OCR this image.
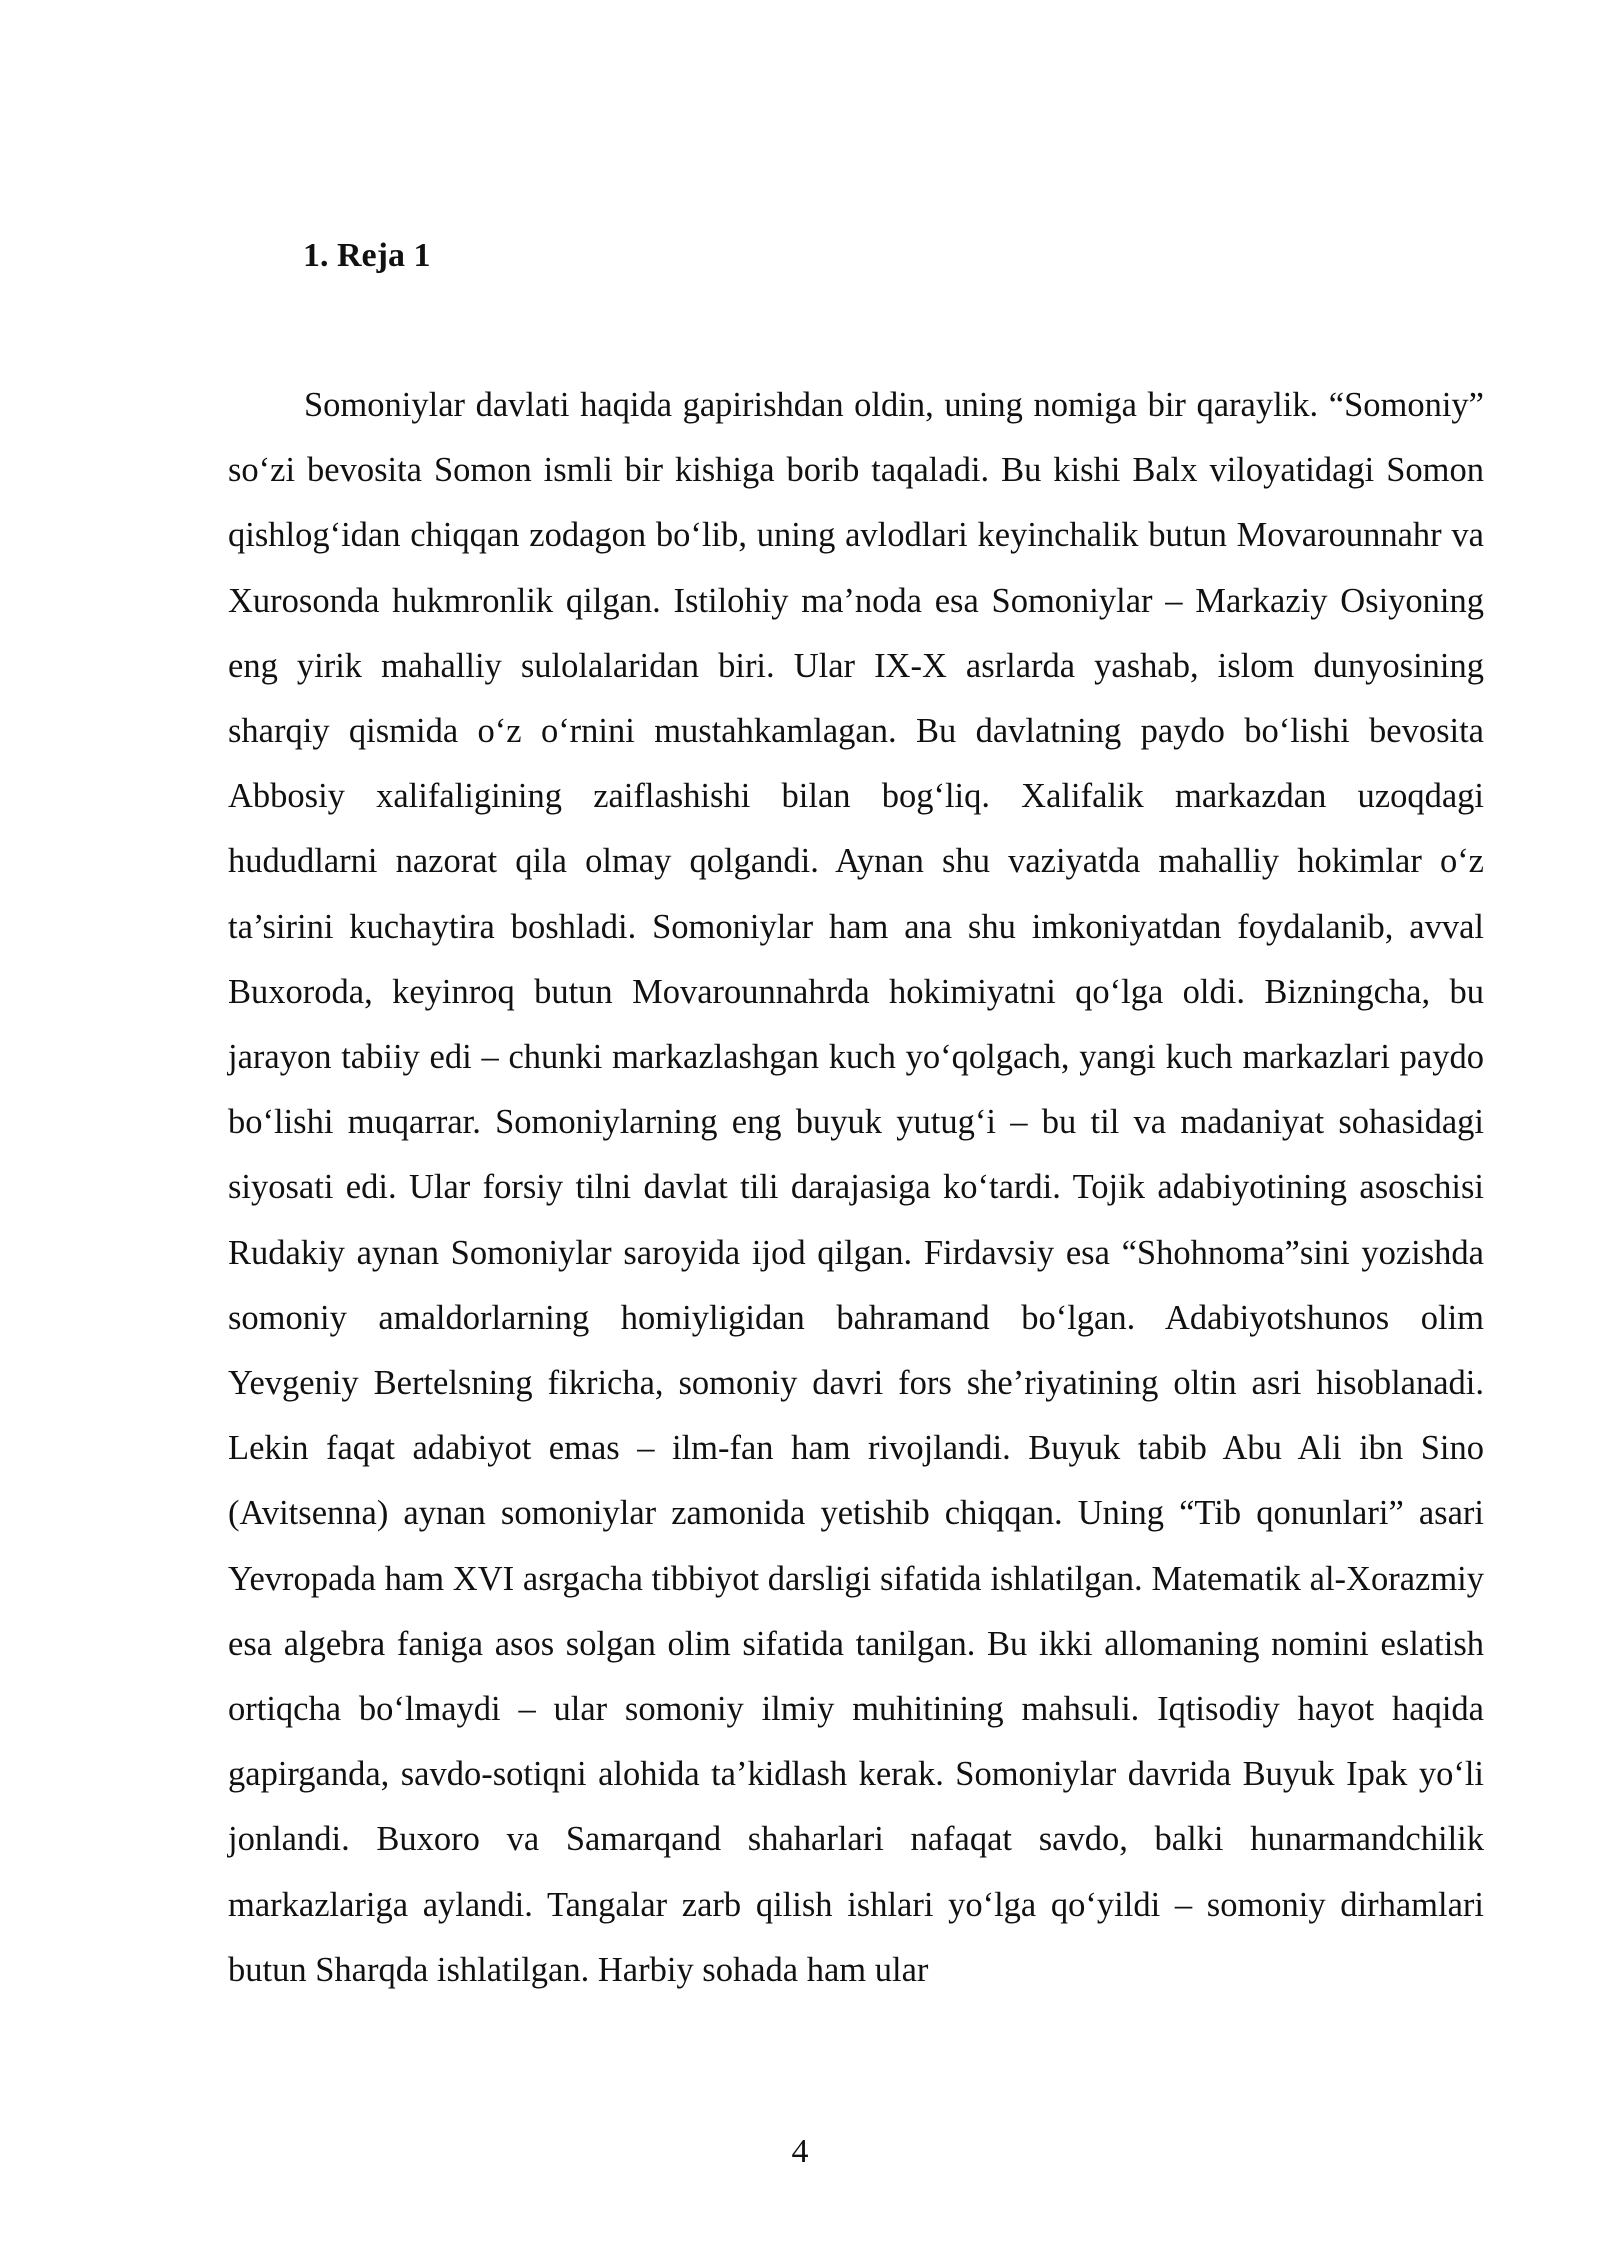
1. Reja 1

Somoniylar davlati haqida gapirishdan oldin, uning nomiga bir qaraylik. “Somoniy” so‘zi bevosita Somon ismli bir kishiga borib taqaladi. Bu kishi Balx viloyatidagi Somon qishlog‘idan chiqqan zodagon bo‘lib, uning avlodlari keyinchalik butun Movarounnahr va Xurosonda hukmronlik qilgan. Istilohiy ma’noda esa Somoniylar – Markaziy Osiyoning eng yirik mahalliy sulolalaridan biri. Ular IX-X asrlarda yashab, islom dunyosining sharqiy qismida o‘z o‘rnini mustahkamlagan. Bu davlatning paydo bo‘lishi bevosita Abbosiy xalifaligining zaiflashishi bilan bog‘liq. Xalifalik markazdan uzoqdagi hududlarni nazorat qila olmay qolgandi. Aynan shu vaziyatda mahalliy hokimlar o‘z ta’sirini kuchaytira boshladi. Somoniylar ham ana shu imkoniyatdan foydalanib, avval Buxoroda, keyinroq butun Movarounnahrda hokimiyatni qo‘lga oldi. Bizningcha, bu jarayon tabiiy edi – chunki markazlashgan kuch yo‘qolgach, yangi kuch markazlari paydo bo‘lishi muqarrar. Somoniylarning eng buyuk yutug‘i – bu til va madaniyat sohasidagi siyosati edi. Ular forsiy tilni davlat tili darajasiga ko‘tardi. Tojik adabiyotining asoschisi Rudakiy aynan Somoniylar saroyida ijod qilgan. Firdavsiy esa “Shohnoma”sini yozishda somoniy amaldorlarning homiyligidan bahramand bo‘lgan. Adabiyotshunos olim Yevgeniy Bertelsning fikricha, somoniy davri fors she’riyatining oltin asri hisoblanadi. Lekin faqat adabiyot emas – ilm-fan ham rivojlandi. Buyuk tabib Abu Ali ibn Sino (Avitsenna) aynan somoniylar zamonida yetishib chiqqan. Uning “Tib qonunlari” asari Yevropada ham XVI asrgacha tibbiyot darsligi sifatida ishlatilgan. Matematik al-Xorazmiy esa algebra faniga asos solgan olim sifatida tanilgan. Bu ikki allomaning nomini eslatish ortiqcha bo‘lmaydi – ular somoniy ilmiy muhitining mahsuli. Iqtisodiy hayot haqida gapirganda, savdo-sotiqni alohida ta’kidlash kerak. Somoniylar davrida Buyuk Ipak yo‘li jonlandi. Buxoro va Samarqand shaharlari nafaqat savdo, balki hunarmandchilik markazlariga aylandi. Tangalar zarb qilish ishlari yo‘lga qo‘yildi – somoniy dirhamlari butun Sharqda ishlatilgan. Harbiy sohada ham ular

4
